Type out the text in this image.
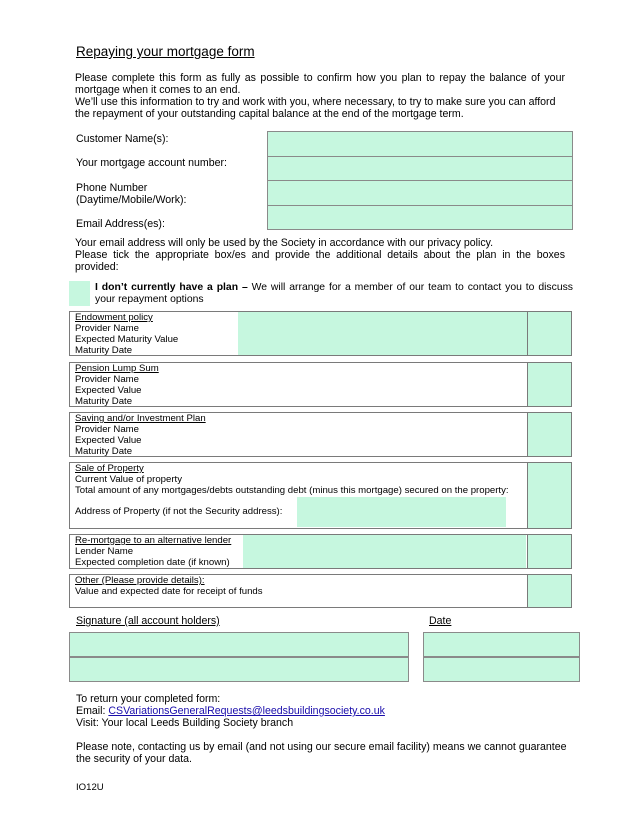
Repaying your mortgage form
Please complete this form as fully as possible to confirm how you plan to repay the balance of your mortgage when it comes to an end.
We’ll use this information to try and work with you, where necessary, to try to make sure you can afford the repayment of your outstanding capital balance at the end of the mortgage term.
Customer Name(s):
Your mortgage account number:
Phone Number
(Daytime/Mobile/Work):
Email Address(es):
Your email address will only be used by the Society in accordance with our privacy policy.
Please tick the appropriate box/es and provide the additional details about the plan in the boxes provided:
I don’t currently have a plan – We will arrange for a member of our team to contact you to discuss your repayment options
Endowment policy
Provider Name
Expected Maturity Value
Maturity Date
Pension Lump Sum
Provider Name
Expected Value
Maturity Date
Saving and/or Investment Plan
Provider Name
Expected Value
Maturity Date
Sale of Property
Current Value of property
Total amount of any mortgages/debts outstanding debt (minus this mortgage) secured on the property:
Address of Property (if not the Security address):
Re-mortgage to an alternative lender
Lender Name
Expected completion date (if known)
Other (Please provide details):
Value and expected date for receipt of funds
Signature (all account holders)	Date
To return your completed form:
Email: CSVariationsGeneralRequests@leedsbuildingsociety.co.uk
Visit: Your local Leeds Building Society branch
Please note, contacting us by email (and not using our secure email facility) means we cannot guarantee the security of your data.
IO12U
